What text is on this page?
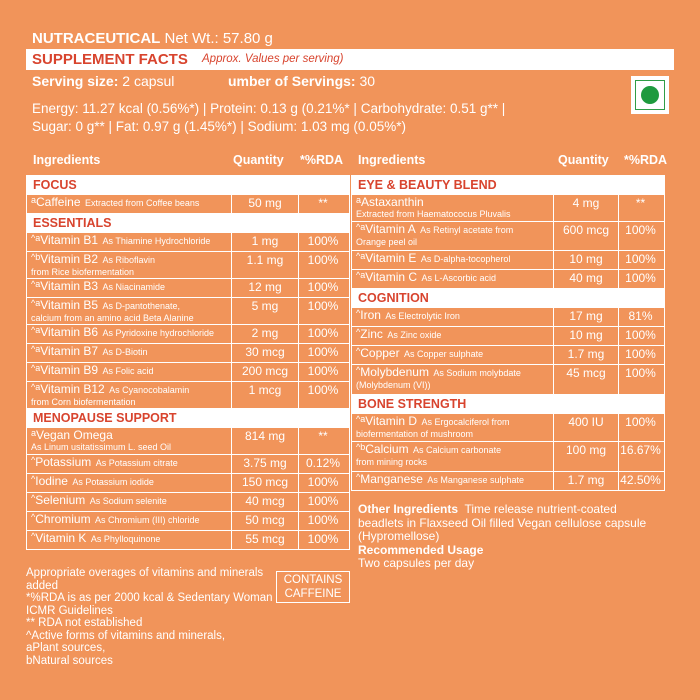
NUTRACEUTICAL Net Wt.: 57.80 g
SUPPLEMENT FACTS Approx. Values per serving)
Serving size: 2 capsul	umber of Servings: 30
Energy: 11.27 kcal (0.56%*) | Protein: 0.13 g (0.21%* | Carbohydrate: 0.51 g** |
Sugar: 0 g** | Fat: 0.97 g (1.45%*) | Sodium: 1.03 mg (0.05%*)
Ingredients	Quantity *%RDA Ingredients	Quantity *%RDA
FOCUS
$^a$Caffeine Extracted from Coffee beans	50 mg	**
ESSENTIALS
$^{\^{}a}$Vitamin B1 As Thiamine Hydrochloride	1 mg	100%
$^{\^{}b}$Vitamin B2 As Riboflavin
from Rice biofermentation
1.1 mg	100%
$^{\^{}a}$Vitamin B3 As Niacinamide	12 mg	100%
$^{\^{}a}$Vitamin B5 As D-pantothenate,
calcium from an amino acid Beta Alanine
5 mg	100%
$^{\^{}a}$Vitamin B6 As Pyridoxine hydrochloride	2 mg	100%
$^{\^{}a}$Vitamin B7 As D-Biotin	30 mcg	100%
$^{\^{}a}$Vitamin B9 As Folic acid	200 mcg	100%
$^{\^{}a}$Vitamin B12 As Cyanocobalamin
from Corn biofermentation
1 mcg	100%
MENOPAUSE SUPPORT
$^a$Vegan Omega
As Linum usitatissimum L. seed Oil
814 mg	**
^Potassium As Potassium citrate	3.75 mg	0.12%
^Iodine As Potassium iodide	150 mcg	100%
^Selenium As Sodium selenite	40 mcg	100%
^Chromium As Chromium (III) chloride	50 mcg	100%
^Vitamin K As Phylloquinone	55 mcg	100%
EYE & BEAUTY BLEND
$^a$Astaxanthin
Extracted from Haematococus Pluvalis
4 mg	**
$^{\^{}a}$Vitamin A As Retinyl acetate from
Orange peel oil
600 mcg	100%
$^{\^{}a}$Vitamin E As D-alpha-tocopherol	10 mg	100%
$^{\^{}a}$Vitamin C As L-Ascorbic acid	40 mg	100%
COGNITION
^Iron As Electrolytic Iron	17 mg	81%
^Zinc As Zinc oxide	10 mg	100%
^Copper As Copper sulphate	1.7 mg	100%
^Molybdenum As Sodium molybdate
(Molybdenum (VI))
45 mcg	100%
BONE STRENGTH
$^{\^{}a}$Vitamin D As Ergocalciferol from
biofermentation of mushroom
400 IU	100%
$^{\^{}b}$Calcium As Calcium carbonate
from mining rocks
100 mg	16.67%
^Manganese As Manganese sulphate	1.7 mg	42.50%
Other Ingredients Time release nutrient-coated beadlets in Flaxseed Oil filled Vegan cellulose capsule (Hypromellose)
Recommended Usage
Two capsules per day
Appropriate overages of vitamins and minerals added
*%RDA is as per 2000 kcal & Sedentary Woman ICMR Guidelines
** RDA not established
^Active forms of vitamins and minerals,
aPlant sources,
bNatural sources
CONTAINS CAFFEINE
